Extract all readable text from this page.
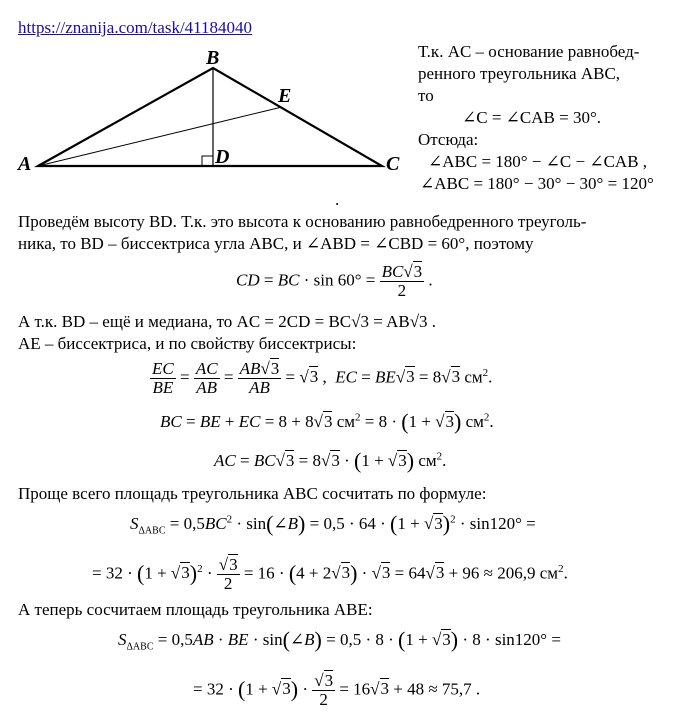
https://znanija.com/task/41184040
A
B
C
D
E
Т.к. AC – основание равнобед-
ренного треугольника ABC,
то
∠C = ∠CAB = 30°.
Отсюда:
∠ABC = 180° − ∠C − ∠CAB ,
∠ABC = 180° − 30° − 30° = 120°
.
Проведём высоту BD. Т.к. это высота к основанию равнобедренного треуголь-
ника, то BD – биссектриса угла ABC, и ∠ABD = ∠CBD = 60°, поэтому
CD = BC · $\sin 60^\circ = \frac{BC√3}{2}$ .
А т.к. BD – ещё и медиана, то AC = 2CD = BC√3 = AB√3 .
AE – биссектриса, и по свойству биссектрисы:
$\frac{EC}{BE} = \frac{AC}{AB} = \frac{AB√3}{AB} = √3$ ,  EC = BE√3 = 8√3 $см^2$.
BC = BE + EC = 8 + 8√3 $см^2 = 8 \cdot (1 + √3)$ $см^2$.
AC = BC√3 = 8√3 · (1 + √3) $см^2$.
Проще всего площадь треугольника ABC сосчитать по формуле:
$S_{\Delta ABC} = 0,5BC^2$ · sin(∠B) = $0,5 \cdot 64 \cdot (1 + √3)^2 \cdot \sin 120^\circ$ =
= $32 \cdot (1 + √3)^2 \cdot \frac{√3}{2} = 16 \cdot (4 + 2√3) \cdot √3 = 64√3 + 96 \approx 206,9$ $см^2$.
А теперь сосчитаем площадь треугольника ABE:
$S_{\Delta ABC} = 0,5AB$ · BE · sin(∠B) = 0,5 · 8 · (1 + √3) · 8 · sin120° =
= $32 \cdot (1 + √3) \cdot \frac{√3}{2} = 16√3 + 48 \approx 75,7$ .
